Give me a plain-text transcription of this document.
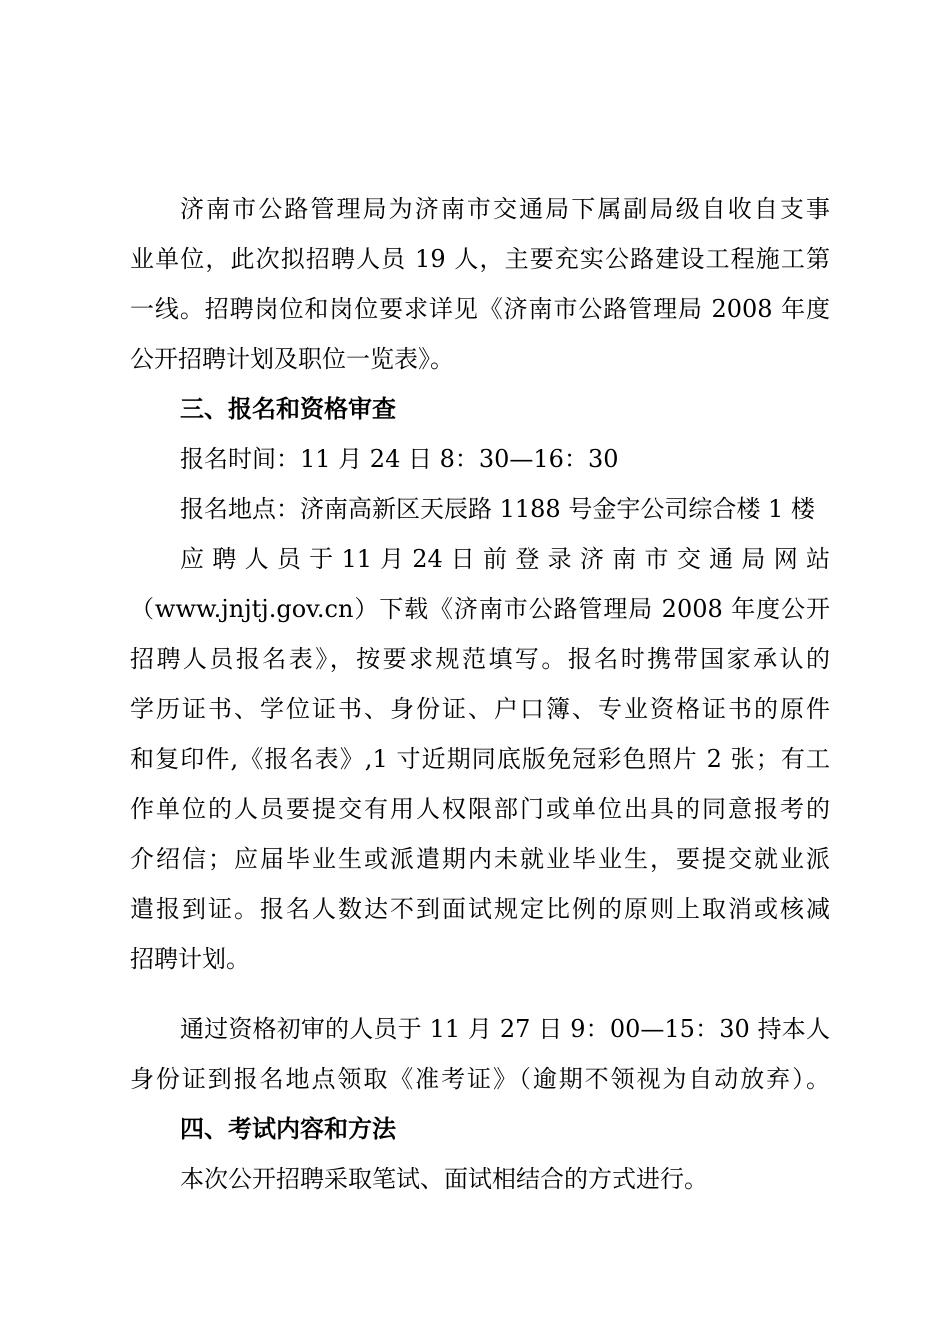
济南市公路管理局为济南市交通局下属副局级自收自支事
业单位，此次拟招聘人员 19 人，主要充实公路建设工程施工第
一线。招聘岗位和岗位要求详见《济南市公路管理局 2008 年度
公开招聘计划及职位一览表》。
三、报名和资格审查
报名时间：11 月 24 日 8：30—16：30
报名地点：济南高新区天辰路 1188 号金宇公司综合楼 1 楼
应 聘 人 员 于 11 月 24 日 前 登 录 济 南 市 交 通 局 网 站
（www.jnjtj.gov.cn）下载《济南市公路管理局 2008 年度公开
招聘人员报名表》，按要求规范填写。报名时携带国家承认的
学历证书、学位证书、身份证、户口簿、专业资格证书的原件
和复印件,《报名表》,1 寸近期同底版免冠彩色照片 2 张；有工
作单位的人员要提交有用人权限部门或单位出具的同意报考的
介绍信；应届毕业生或派遣期内未就业毕业生，要提交就业派
遣报到证。报名人数达不到面试规定比例的原则上取消或核减
招聘计划。
通过资格初审的人员于 11 月 27 日 9：00—15：30 持本人
身份证到报名地点领取《准考证》（逾期不领视为自动放弃）。
四、考试内容和方法
本次公开招聘采取笔试、面试相结合的方式进行。
